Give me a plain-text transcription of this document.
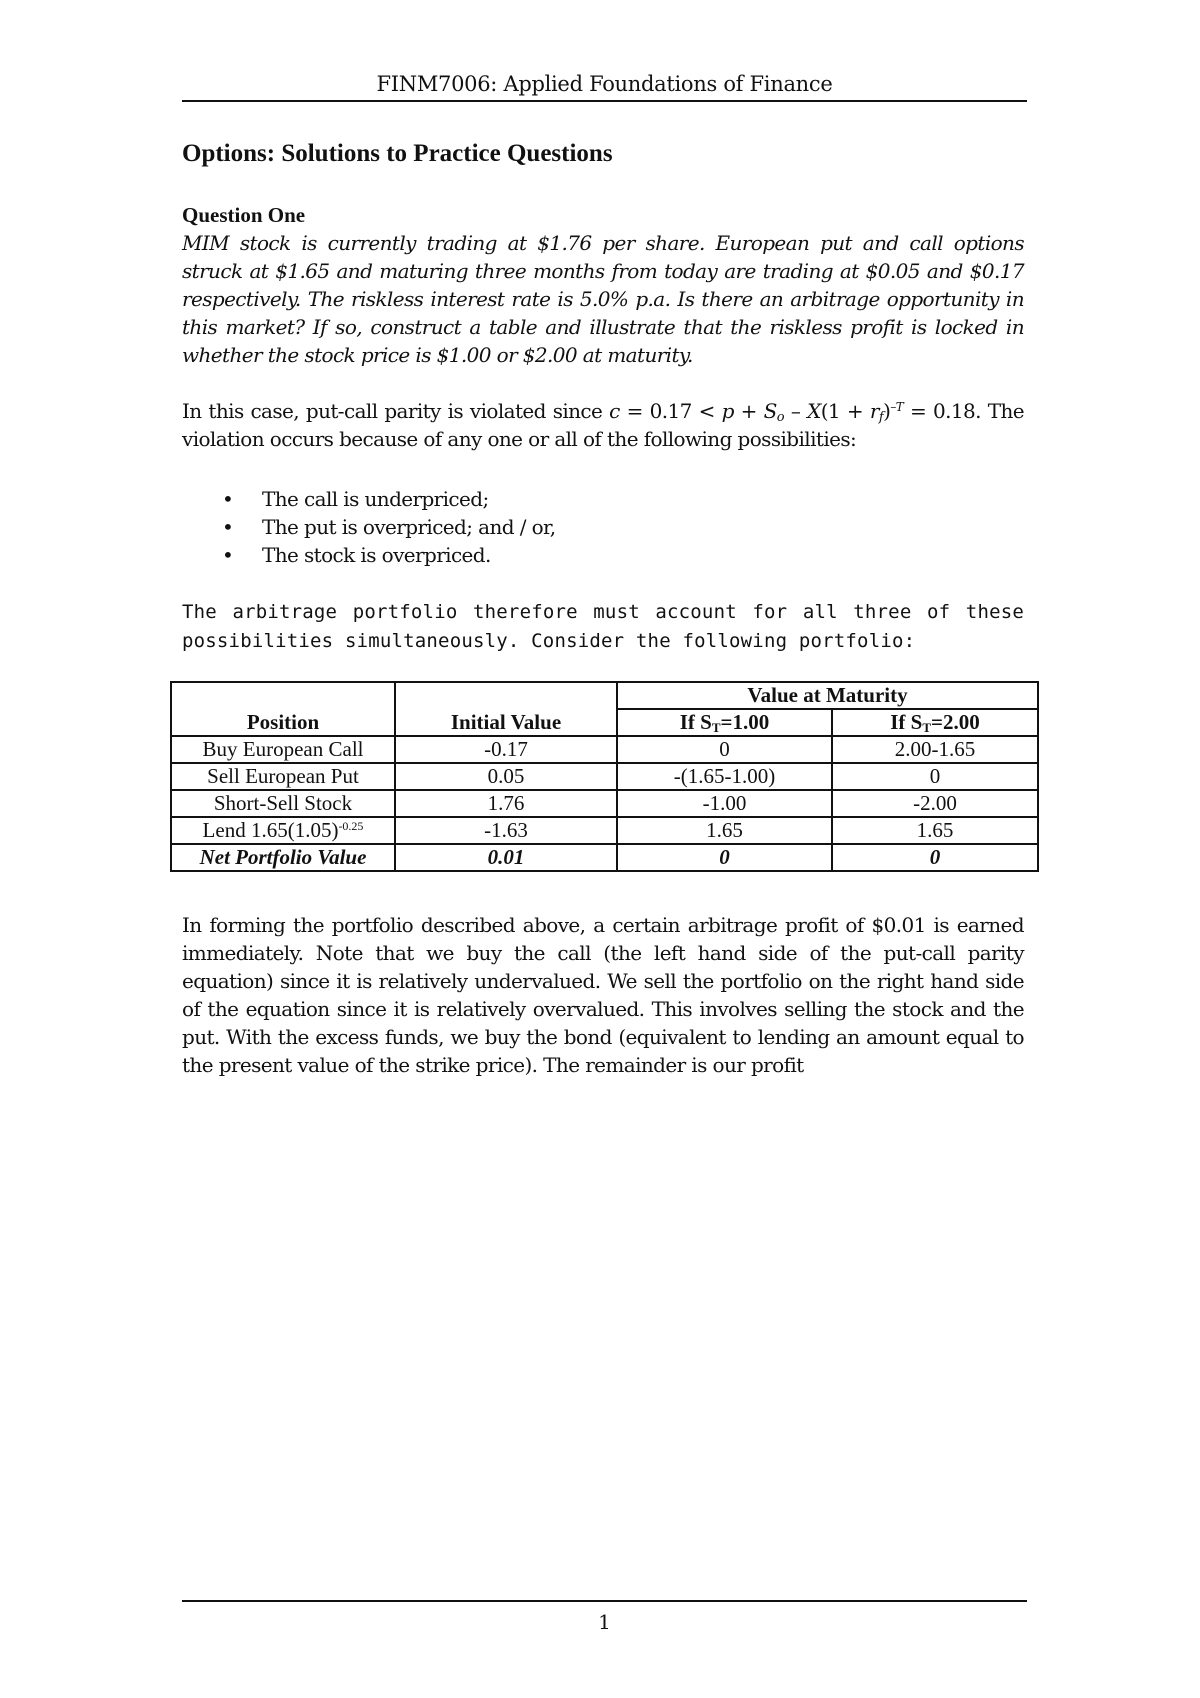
FINM7006: Applied Foundations of Finance
Options: Solutions to Practice Questions
Question One
MIM stock is currently trading at $1.76 per share. European put and call options struck at $1.65 and maturing three months from today are trading at $0.05 and $0.17 respectively. The riskless interest rate is 5.0% p.a. Is there an arbitrage opportunity in this market? If so, construct a table and illustrate that the riskless profit is locked in whether the stock price is $1.00 or $2.00 at maturity.
In this case, put-call parity is violated since $c = 0.17 < p + S_o - X(1 + r_f)^{-T} = 0.18$. The violation occurs because of any one or all of the following possibilities:
• The call is underpriced;
• The put is overpriced; and / or,
• The stock is overpriced.
The arbitrage portfolio therefore must account for all three of these possibilities simultaneously. Consider the following portfolio:
		Value at Maturity	
Position	Initial Value	If $S_T=1.00$	If $S_T=2.00$
Buy European Call	-0.17	0	2.00-1.65
Sell European Put	0.05	-(1.65-1.00)	0
Short-Sell Stock	1.76	-1.00	-2.00
Lend $1.65(1.05)^{-0.25}$	-1.63	1.65	1.65
Net Portfolio Value	0.01	0	0
In forming the portfolio described above, a certain arbitrage profit of $0.01 is earned immediately. Note that we buy the call (the left hand side of the put-call parity equation) since it is relatively undervalued. We sell the portfolio on the right hand side of the equation since it is relatively overvalued. This involves selling the stock and the put. With the excess funds, we buy the bond (equivalent to lending an amount equal to the present value of the strike price). The remainder is our profit
1
